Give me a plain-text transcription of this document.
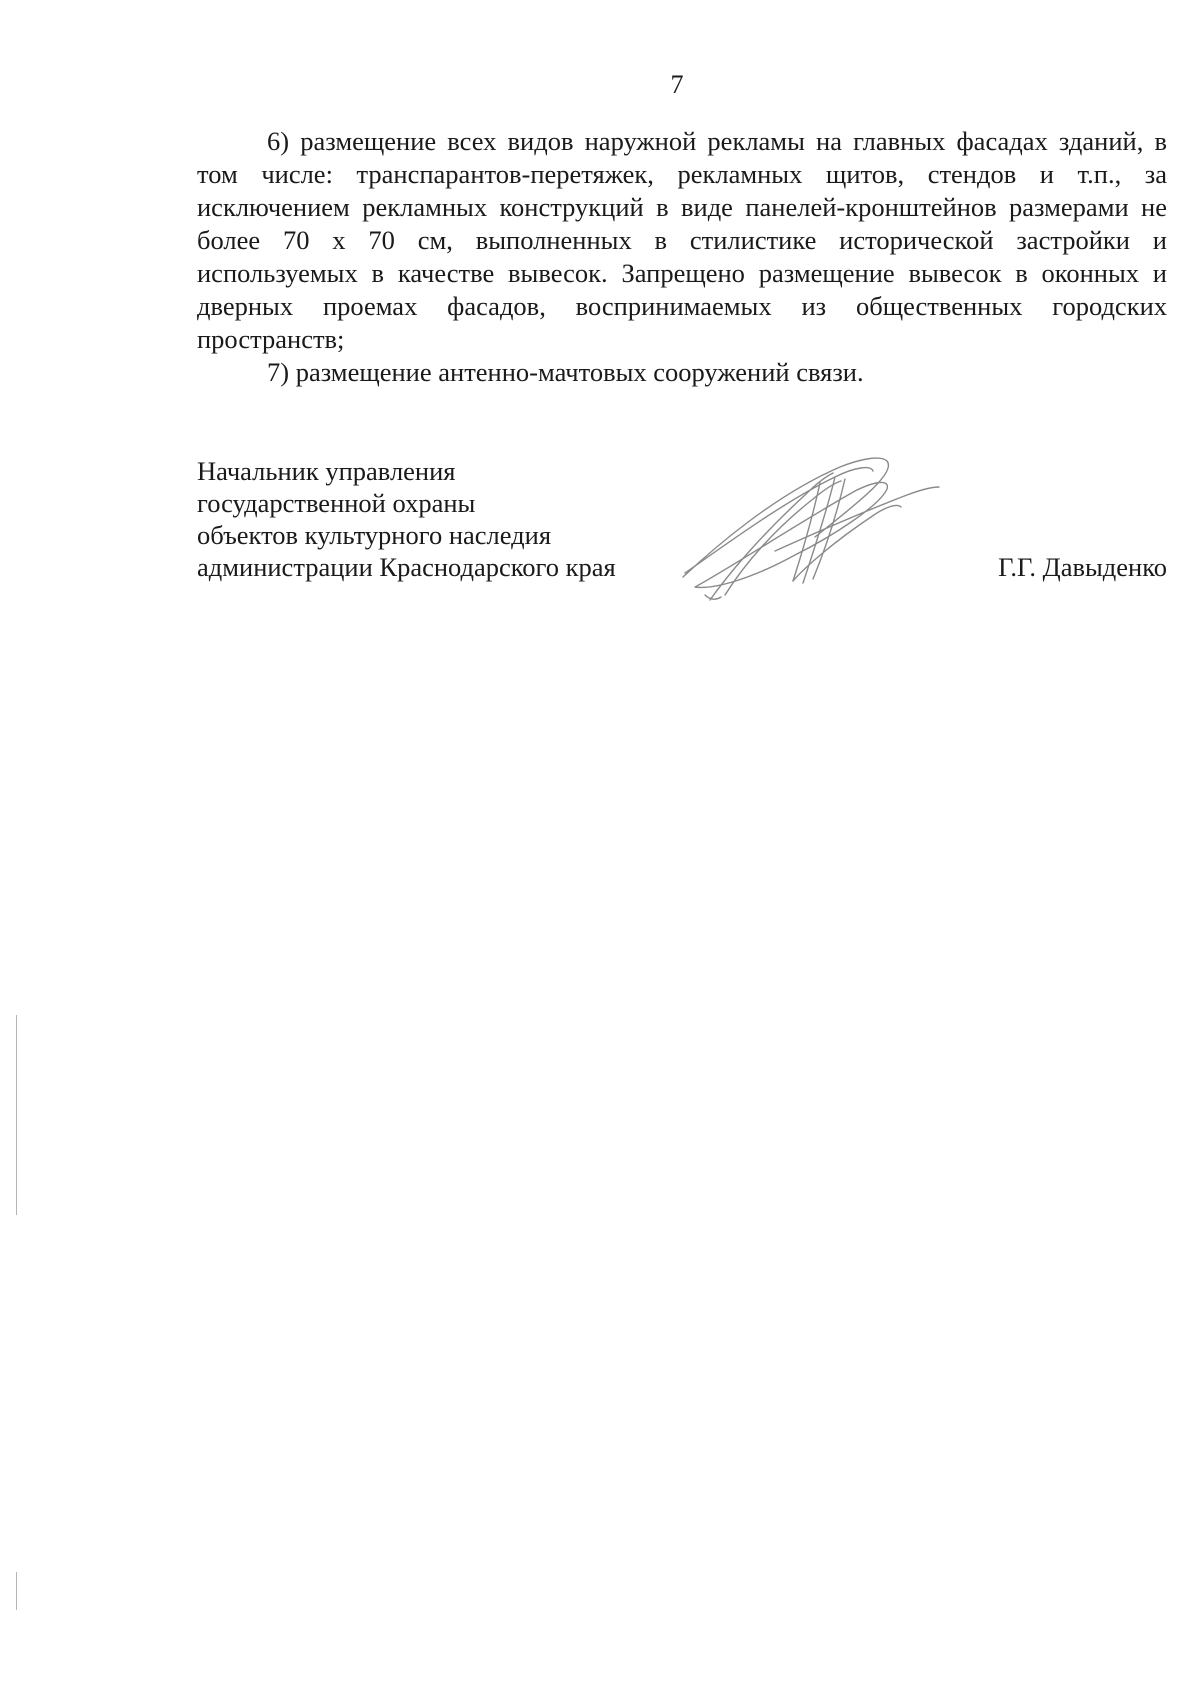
7

6) размещение всех видов наружной рекламы на главных фасадах зданий, в том числе: транспарантов-перетяжек, рекламных щитов, стендов и т.п., за исключением рекламных конструкций в виде панелей-кронштейнов размерами не более 70 х 70 см, выполненных в стилистике исторической застройки и используемых в качестве вывесок. Запрещено размещение вывесок в оконных и дверных проемах фасадов, воспринимаемых из общественных городских пространств;

7) размещение антенно-мачтовых сооружений связи.

Начальник управления
государственной охраны
объектов культурного наследия
администрации Краснодарского края	Г.Г. Давыденко
